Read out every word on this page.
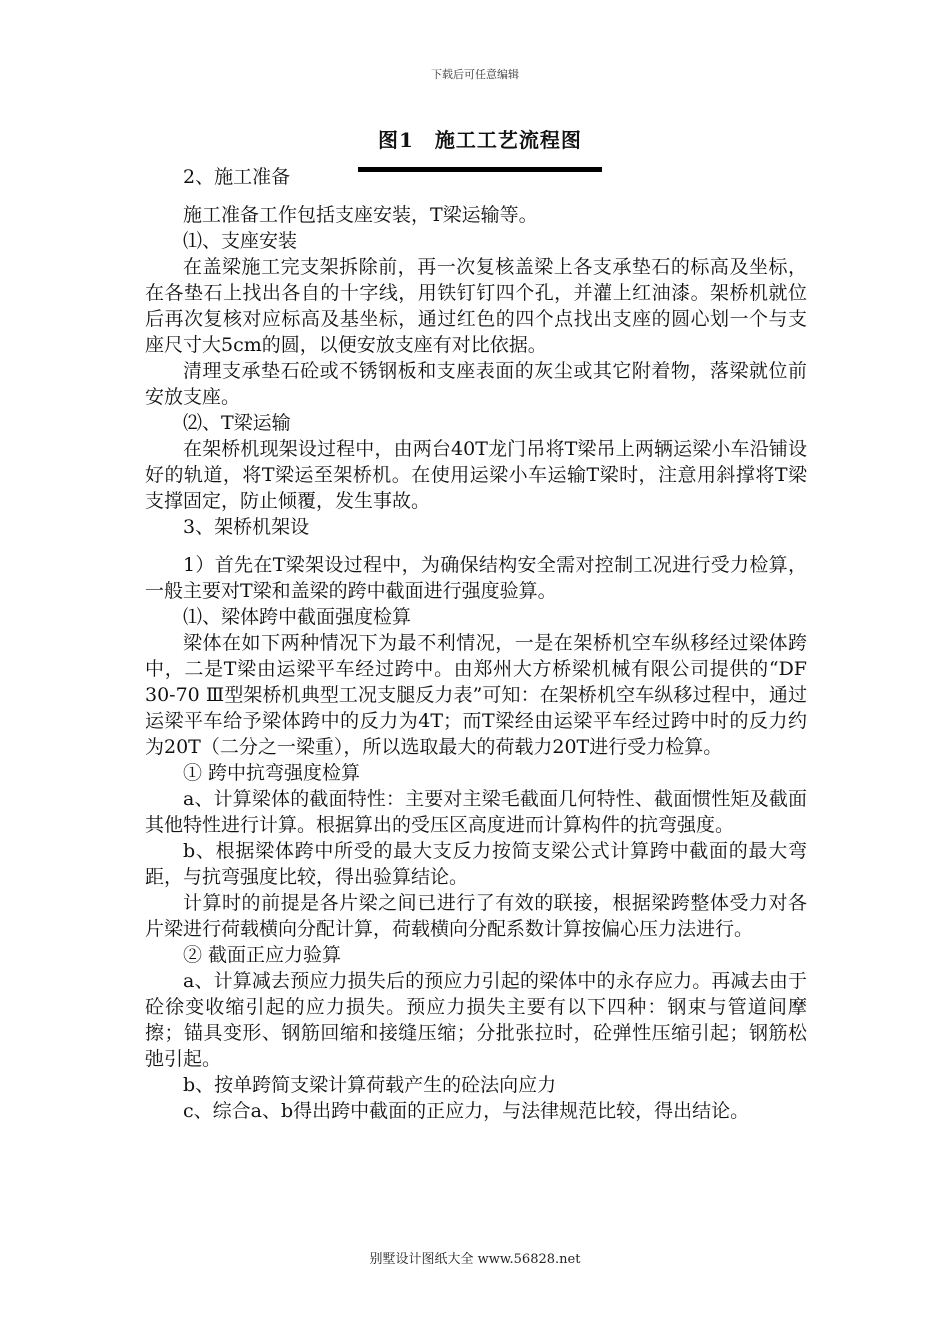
下载后可任意编辑
图1　施工工艺流程图

2、施工准备

施工准备工作包括支座安装，T梁运输等。

⑴、支座安装

在盖梁施工完支架拆除前，再一次复核盖梁上各支承垫石的标高及坐标，在各垫石上找出各自的十字线，用铁钉钉四个孔，并灌上红油漆。架桥机就位后再次复核对应标高及基坐标，通过红色的四个点找出支座的圆心划一个与支座尺寸大5cm的圆，以便安放支座有对比依据。

清理支承垫石砼或不锈钢板和支座表面的灰尘或其它附着物，落梁就位前安放支座。

⑵、T梁运输

在架桥机现架设过程中，由两台40T龙门吊将T梁吊上两辆运梁小车沿铺设好的轨道，将T梁运至架桥机。在使用运梁小车运输T梁时，注意用斜撑将T梁支撑固定，防止倾覆，发生事故。

3、架桥机架设

1）首先在T梁架设过程中，为确保结构安全需对控制工况进行受力检算，一般主要对T梁和盖梁的跨中截面进行强度验算。

⑴、梁体跨中截面强度检算

梁体在如下两种情况下为最不利情况，一是在架桥机空车纵移经过梁体跨中，二是T梁由运梁平车经过跨中。由郑州大方桥梁机械有限公司提供的“DF 30-70 Ⅲ型架桥机典型工况支腿反力表”可知：在架桥机空车纵移过程中，通过运梁平车给予梁体跨中的反力为4T；而T梁经由运梁平车经过跨中时的反力约为20T（二分之一梁重），所以选取最大的荷载力20T进行受力检算。

① 跨中抗弯强度检算

a、计算梁体的截面特性：主要对主梁毛截面几何特性、截面惯性矩及截面其他特性进行计算。根据算出的受压区高度进而计算构件的抗弯强度。

b、根据梁体跨中所受的最大支反力按简支梁公式计算跨中截面的最大弯距，与抗弯强度比较，得出验算结论。

计算时的前提是各片梁之间已进行了有效的联接，根据梁跨整体受力对各片梁进行荷载横向分配计算，荷载横向分配系数计算按偏心压力法进行。

② 截面正应力验算

a、计算减去预应力损失后的预应力引起的梁体中的永存应力。再减去由于砼徐变收缩引起的应力损失。预应力损失主要有以下四种：钢束与管道间摩擦；锚具变形、钢筋回缩和接缝压缩；分批张拉时，砼弹性压缩引起；钢筋松弛引起。

b、按单跨简支梁计算荷载产生的砼法向应力

c、综合a、b得出跨中截面的正应力，与法律规范比较，得出结论。

别墅设计图纸大全 www.56828.net
